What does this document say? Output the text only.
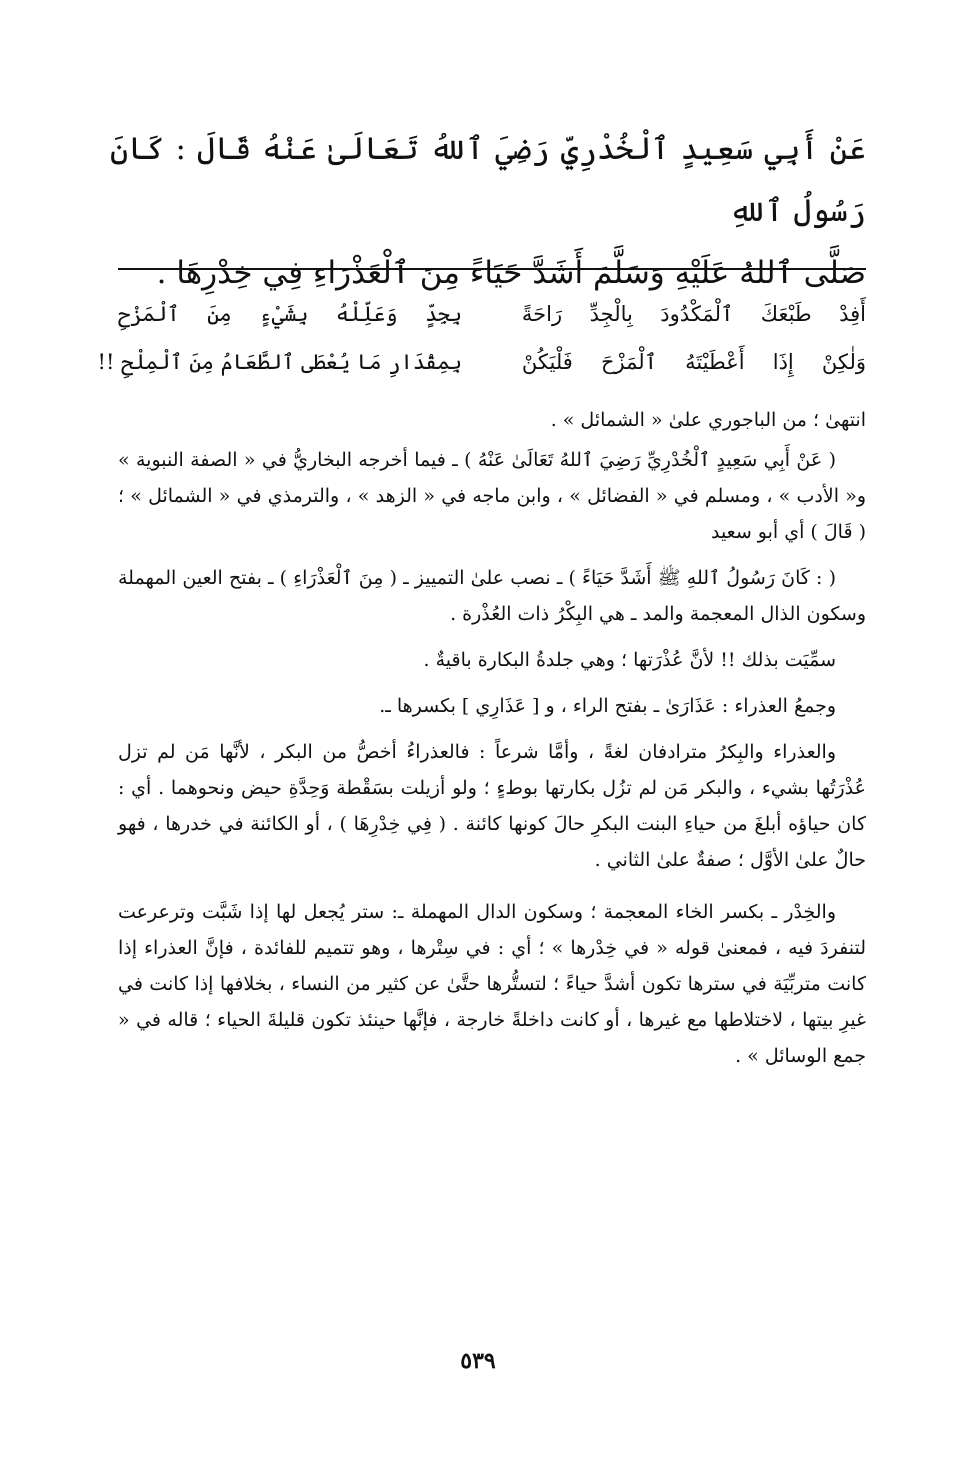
عَنْ أَبِي سَعِيدٍ ٱلْخُدْرِيِّ رَضِيَ ٱللهُ تَعَالَىٰ عَنْهُ قَالَ : كَانَ رَسُولُ ٱللهِ

صَلَّى ٱللهُ عَلَيْهِ وَسَلَّمَ أَشَدَّ حَيَاءً مِنَ ٱلْعَذْرَاءِ فِي خِدْرِهَا .

أَفِدْ طَبْعَكَ ٱلْمَكْدُودَ بِالْجِدِّ رَاحَةً
بِجِدٍّ وَعَلِّلْهُ بِشَيْءٍ مِنَ ٱلْمَزْحِ
وَلٰكِنْ إِذَا أَعْطَيْتَهُ ٱلْمَزْحَ فَلْيَكُنْ
بِمِقْدَارِ مَا يُعْطَى ٱلطَّعَامُ مِنَ ٱلْمِلْحِ !!

انتهىٰ ؛ من الباجوري علىٰ « الشمائل » .

( عَنْ أَبِي سَعِيدٍ ٱلْخُدْرِيِّ رَضِيَ ٱللهُ تَعَالَىٰ عَنْهُ ) ـ فيما أخرجه البخاريُّ في « الصفة النبوية » و« الأدب » ، ومسلم في « الفضائل » ، وابن ماجه في « الزهد » ، والترمذي في « الشمائل » ؛ ( قَالَ ) أي أبو سعيد

( : كَانَ رَسُولُ ٱللهِ ﷺ أَشَدَّ حَيَاءً ) ـ نصب علىٰ التمييز ـ ( مِنَ ٱلْعَذْرَاءِ ) ـ بفتح العين المهملة وسكون الذال المعجمة والمد ـ هي البِكْرُ ذات العُذْرة .

سمِّيَت بذلك !! لأنَّ عُذْرَتها ؛ وهي جلدةُ البكارة باقيةٌ .

وجمعُ العذراء : عَذَارَىٰ ـ بفتح الراء ، و [ عَذَارِي ] بكسرها ـ.

والعذراء والبِكرُ مترادفان لغةً ، وأمَّا شرعاً : فالعذراءُ أخصُّ من البكر ، لأنَّها مَن لم تزل عُذْرَتُها بشيء ، والبكر مَن لم تزُل بكارتها بوطءٍ ؛ ولو أزيلت بسَقْطة وَحِدَّةِ حيض ونحوهما . أي : كان حياؤه أبلغَ من حياءِ البنت البكرِ حالَ كونها كائنة . ( فِي خِدْرِهَا ) ، أو الكائنة في خدرها ، فهو حالٌ علىٰ الأوَّل ؛ صفةٌ علىٰ الثاني .

والخِدْر ـ بكسر الخاء المعجمة ؛ وسكون الدال المهملة ـ: ستر يُجعل لها إذا شَبَّت وترعرعت لتنفردَ فيه ، فمعنىٰ قوله « في خِدْرها » ؛ أي : في سِتْرها ، وهو تتميم للفائدة ، فإنَّ العذراء إذا كانت متربِّيَة في سترها تكون أشدَّ حياءً ؛ لتستُّرها حتَّىٰ عن كثير من النساء ، بخلافها إذا كانت في غيرِ بيتها ، لاختلاطها مع غيرها ، أو كانت داخلةً خارجة ، فإنَّها حينئذ تكون قليلةَ الحياء ؛ قاله في « جمع الوسائل » .

٥٣٩
